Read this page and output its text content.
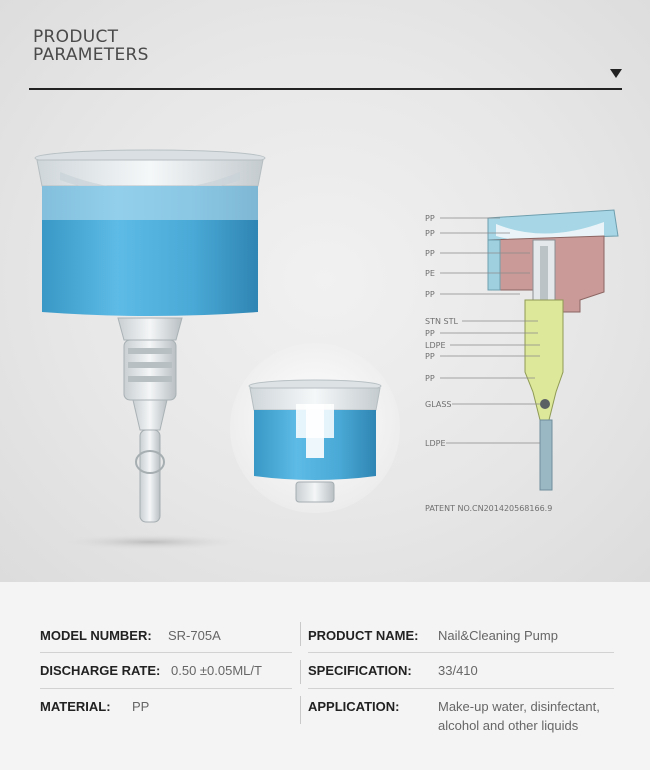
PRODUCT
PARAMETERS
PP
PP
PP
PE
PP
STN STL
PP
LDPE
PP
PP
GLASS
LDPE
PATENT NO.CN201420568166.9
MODEL NUMBER: SR-705A	PRODUCT NAME: Nail&Cleaning Pump
DISCHARGE RATE: 0.50 ±0.05ML/T	SPECIFICATION: 33/410
MATERIAL: PP	APPLICATION:	Make-up water, disinfectant, alcohol and other liquids
